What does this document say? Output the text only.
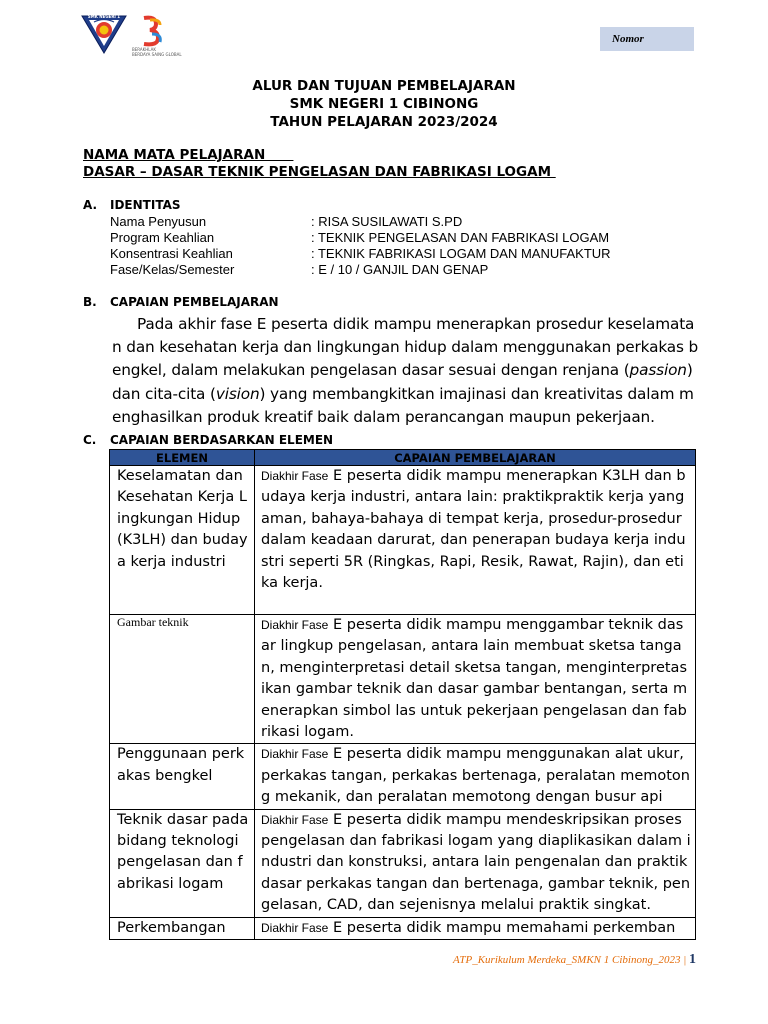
SMK NEGERI 1
BERAKHLAK
BERDAYA SAING GLOBAL
Nomor
ALUR DAN TUJUAN PEMBELAJARAN
SMK NEGERI 1 CIBINONG
TAHUN PELAJARAN 2023/2024
NAMA MATA PELAJARAN
DASAR – DASAR TEKNIK PENGELASAN DAN FABRIKASI LOGAM
A. IDENTITAS
Nama Penyusun	: RISA SUSILAWATI S.PD
Program Keahlian	: TEKNIK PENGELASAN DAN FABRIKASI LOGAM
Konsentrasi Keahlian	: TEKNIK FABRIKASI LOGAM DAN MANUFAKTUR
Fase/Kelas/Semester	: E / 10 / GANJIL DAN GENAP
B. CAPAIAN PEMBELAJARAN
Pada akhir fase E peserta didik mampu menerapkan prosedur keselamatan dan kesehatan kerja dan lingkungan hidup dalam menggunakan perkakas bengkel, dalam melakukan pengelasan dasar sesuai dengan renjana (passion) dan cita-cita (vision) yang membangkitkan imajinasi dan kreativitas dalam menghasilkan produk kreatif baik dalam perancangan maupun pekerjaan.
C. CAPAIAN BERDASARKAN ELEMEN
ELEMEN	CAPAIAN PEMBELAJARAN
Keselamatan dan Kesehatan Kerja Lingkungan Hidup (K3LH) dan budaya kerja industri	Diakhir Fase E peserta didik mampu menerapkan K3LH dan budaya kerja industri, antara lain: praktikpraktik kerja yang aman, bahaya-bahaya di tempat kerja, prosedur-prosedur dalam keadaan darurat, dan penerapan budaya kerja industri seperti 5R (Ringkas, Rapi, Resik, Rawat, Rajin), dan etika kerja.

Gambar teknik	Diakhir Fase E peserta didik mampu menggambar teknik dasar lingkup pengelasan, antara lain membuat sketsa tangan, menginterpretasi detail sketsa tangan, menginterpretasikan gambar teknik dan dasar gambar bentangan, serta menerapkan simbol las untuk pekerjaan pengelasan dan fabrikasi logam.
Penggunaan perkakas bengkel	Diakhir Fase E peserta didik mampu menggunakan alat ukur, perkakas tangan, perkakas bertenaga, peralatan memotong mekanik, dan peralatan memotong dengan busur api
Teknik dasar pada bidang teknologi pengelasan dan fabrikasi logam	Diakhir Fase E peserta didik mampu mendeskripsikan proses pengelasan dan fabrikasi logam yang diaplikasikan dalam industri dan konstruksi, antara lain pengenalan dan praktik dasar perkakas tangan dan bertenaga, gambar teknik, pengelasan, CAD, dan sejenisnya melalui praktik singkat.
Perkembangan	Diakhir Fase E peserta didik mampu memahami perkemban
ATP_Kurikulum Merdeka_SMKN 1 Cibinong_2023 | 1
